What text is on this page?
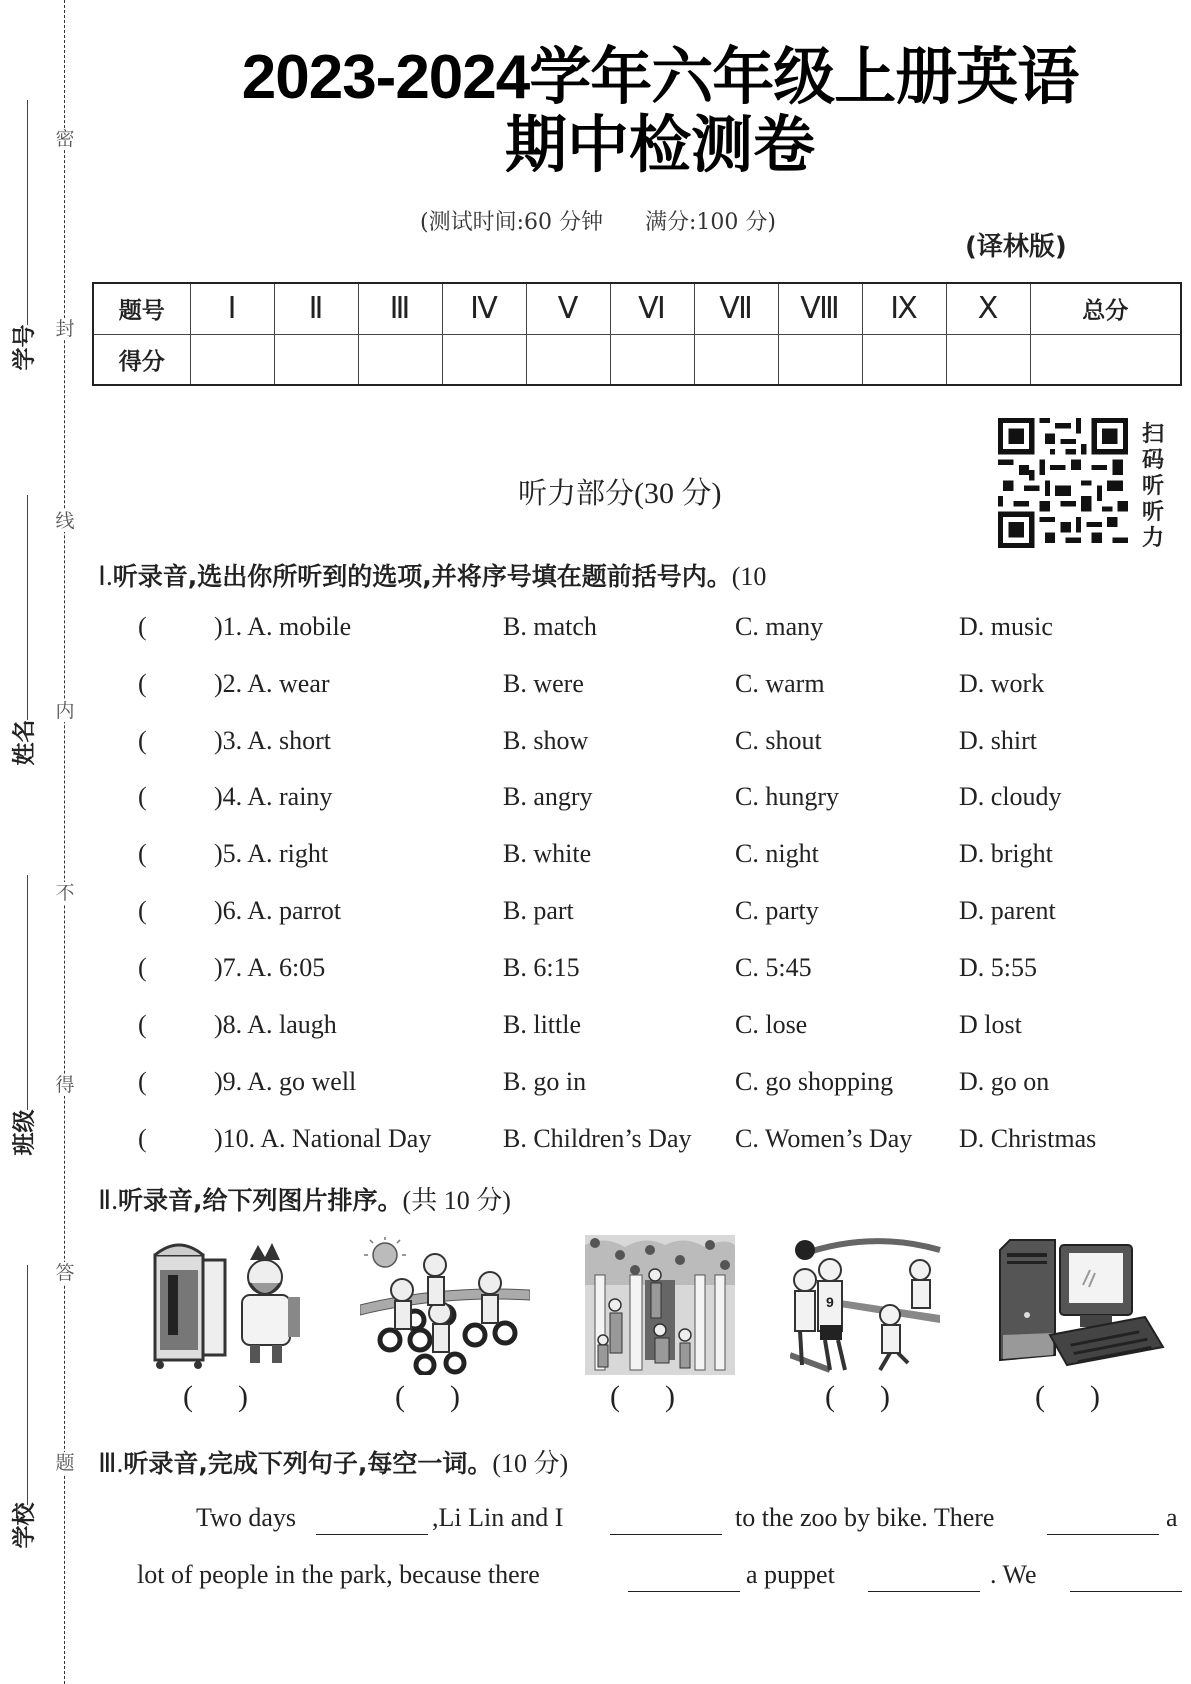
密
封
线
内
不
得
答
题
学号
姓名
班级
学校
2023-2024学年六年级上册英语
期中检测卷
(测试时间:60 分钟      满分:100 分)
(译林版)
题号	Ⅰ	Ⅱ	Ⅲ	Ⅳ	Ⅴ	Ⅵ	Ⅶ	Ⅷ	Ⅸ	Ⅹ	总分
得分											
扫
码
听
听
力
听力部分(30 分)
Ⅰ.听录音,选出你所听到的选项,并将序号填在题前括号内。(10
(	)1. A. mobile	B. match	C. many	D. music
(	)2. A. wear	B. were	C. warm	D. work
(	)3. A. short	B. show	C. shout	D. shirt
(	)4. A. rainy	B. angry	C. hungry	D. cloudy
(	)5. A. right	B. white	C. night	D. bright
(	)6. A. parrot	B. part	C. party	D. parent
(	)7. A. 6:05	B. 6:15	C. 5:45	D. 5:55
(	)8. A. laugh	B. little	C. lose	D lost
(	)9. A. go well	B. go in	C. go shopping	D. go on
(	)10. A. National Day	B. Children’s Day C. Women’s Day D. Christmas
Ⅱ.听录音,给下列图片排序。(共 10 分)
9
(      )	(      )	(      )	(      )	(      )
Ⅲ.听录音,完成下列句子,每空一词。(10 分)
Two days	,Li Lin and I	to the zoo by bike. There	a
lot of people in the park, because there	a puppet	. We
